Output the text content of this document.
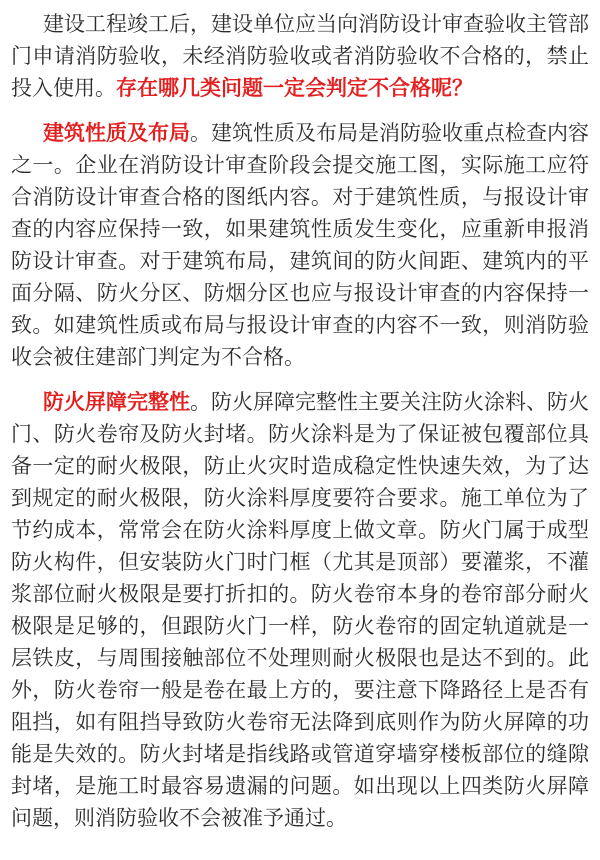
建设工程竣工后，建设单位应当向消防设计审查验收主管部门申请消防验收，未经消防验收或者消防验收不合格的，禁止投入使用。存在哪几类问题一定会判定不合格呢？

建筑性质及布局。建筑性质及布局是消防验收重点检查内容之一。企业在消防设计审查阶段会提交施工图，实际施工应符合消防设计审查合格的图纸内容。对于建筑性质，与报设计审查的内容应保持一致，如果建筑性质发生变化，应重新申报消防设计审查。对于建筑布局，建筑间的防火间距、建筑内的平面分隔、防火分区、防烟分区也应与报设计审查的内容保持一致。如建筑性质或布局与报设计审查的内容不一致，则消防验收会被住建部门判定为不合格。

防火屏障完整性。防火屏障完整性主要关注防火涂料、防火门、防火卷帘及防火封堵。防火涂料是为了保证被包覆部位具备一定的耐火极限，防止火灾时造成稳定性快速失效，为了达到规定的耐火极限，防火涂料厚度要符合要求。施工单位为了节约成本，常常会在防火涂料厚度上做文章。防火门属于成型防火构件，但安装防火门时门框（尤其是顶部）要灌浆，不灌浆部位耐火极限是要打折扣的。防火卷帘本身的卷帘部分耐火极限是足够的，但跟防火门一样，防火卷帘的固定轨道就是一层铁皮，与周围接触部位不处理则耐火极限也是达不到的。此外，防火卷帘一般是卷在最上方的，要注意下降路径上是否有阻挡，如有阻挡导致防火卷帘无法降到底则作为防火屏障的功能是失效的。防火封堵是指线路或管道穿墙穿楼板部位的缝隙封堵，是施工时最容易遗漏的问题。如出现以上四类防火屏障问题，则消防验收不会被准予通过。
